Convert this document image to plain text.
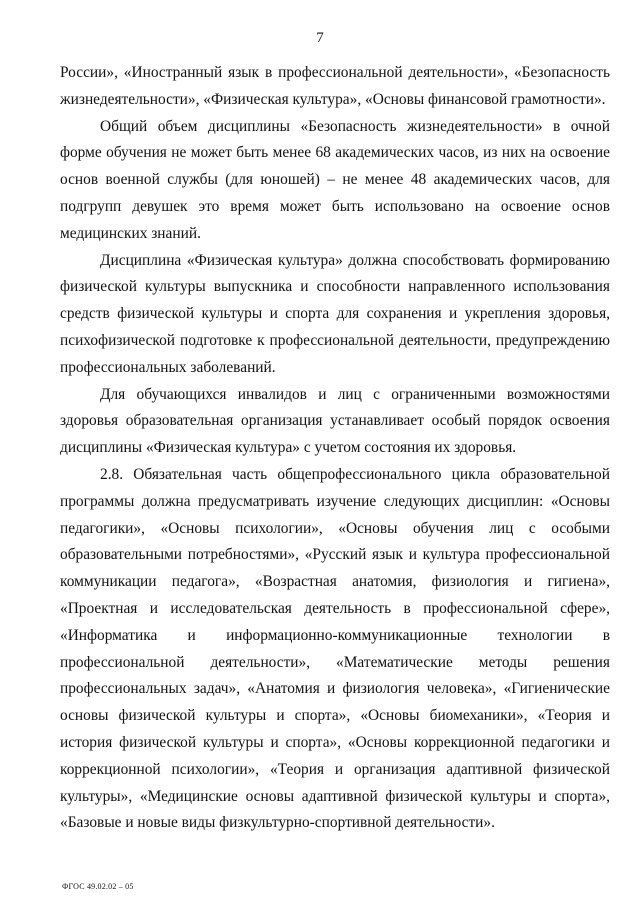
7

России», «Иностранный язык в профессиональной деятельности», «Безопасность жизнедеятельности», «Физическая культура», «Основы финансовой грамотности».

Общий объем дисциплины «Безопасность жизнедеятельности» в очной форме обучения не может быть менее 68 академических часов, из них на освоение основ военной службы (для юношей) – не менее 48 академических часов, для подгрупп девушек это время может быть использовано на освоение основ медицинских знаний.

Дисциплина «Физическая культура» должна способствовать формированию физической культуры выпускника и способности направленного использования средств физической культуры и спорта для сохранения и укрепления здоровья, психофизической подготовке к профессиональной деятельности, предупреждению профессиональных заболеваний.

Для обучающихся инвалидов и лиц с ограниченными возможностями здоровья образовательная организация устанавливает особый порядок освоения дисциплины «Физическая культура» с учетом состояния их здоровья.

2.8. Обязательная часть общепрофессионального цикла образовательной программы должна предусматривать изучение следующих дисциплин: «Основы педагогики», «Основы психологии», «Основы обучения лиц с особыми образовательными потребностями», «Русский язык и культура профессиональной коммуникации педагога», «Возрастная анатомия, физиология и гигиена», «Проектная и исследовательская деятельность в профессиональной сфере», «Информатика и информационно-коммуникационные технологии в профессиональной деятельности», «Математические методы решения профессиональных задач», «Анатомия и физиология человека», «Гигиенические основы физической культуры и спорта», «Основы биомеханики», «Теория и история физической культуры и спорта», «Основы коррекционной педагогики и коррекционной психологии», «Теория и организация адаптивной физической культуры», «Медицинские основы адаптивной физической культуры и спорта», «Базовые и новые виды физкультурно-спортивной деятельности».

ФГОС 49.02.02 – 05
